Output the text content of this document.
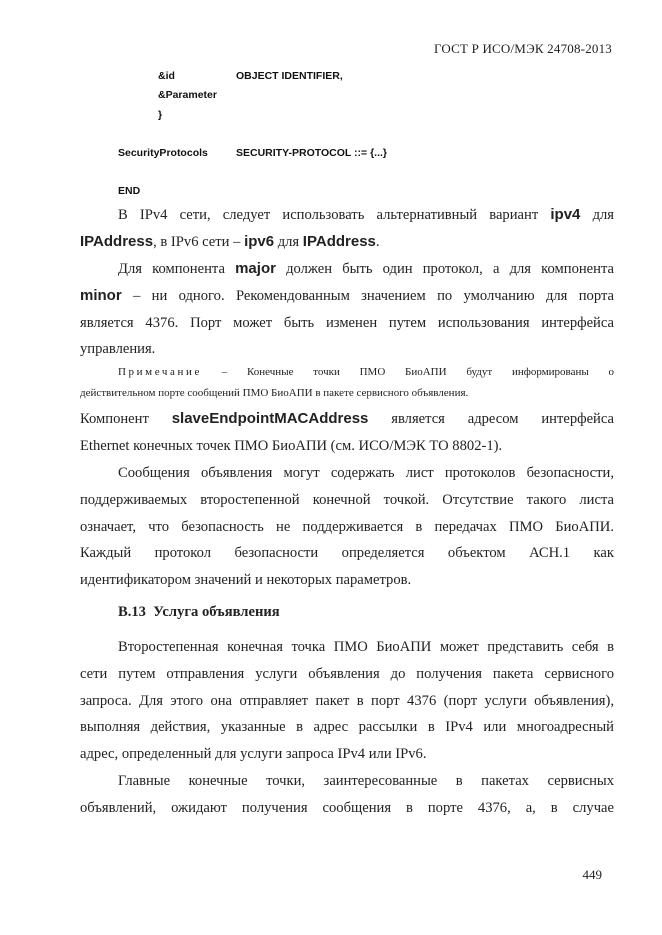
ГОСТ Р ИСО/МЭК 24708-2013
&id	OBJECT IDENTIFIER,
&Parameter
}
SecurityProtocols	SECURITY-PROTOCOL ::= {...}
END
В IPv4 сети, следует использовать альтернативный вариант ipv4 для
IPAddress, в IPv6 сети – ipv6 для IPAddress.
Для компонента major должен быть один протокол, а для компонента
minor – ни одного. Рекомендованным значением по умолчанию для порта
является 4376. Порт может быть изменен путем использования интерфейса
управления.
Примечание – Конечные точки ПМО БиоАПИ будут информированы о
действительном порте сообщений ПМО БиоАПИ в пакете сервисного объявления.
Компонент slaveEndpointMACAddress является адресом интерфейса
Ethernet конечных точек ПМО БиоАПИ (см. ИСО/МЭК ТО 8802-1).
Сообщения объявления могут содержать лист протоколов безопасности,
поддерживаемых второстепенной конечной точкой. Отсутствие такого листа
означает, что безопасность не поддерживается в передачах ПМО БиоАПИ.
Каждый протокол безопасности определяется объектом АСН.1 как
идентификатором значений и некоторых параметров.
B.13 Услуга объявления
Второстепенная конечная точка ПМО БиоАПИ может представить себя в
сети путем отправления услуги объявления до получения пакета сервисного
запроса. Для этого она отправляет пакет в порт 4376 (порт услуги объявления),
выполняя действия, указанные в адрес рассылки в IPv4 или многоадресный
адрес, определенный для услуги запроса IPv4 или IPv6.
Главные конечные точки, заинтересованные в пакетах сервисных
объявлений, ожидают получения сообщения в порте 4376, а, в случае
449
